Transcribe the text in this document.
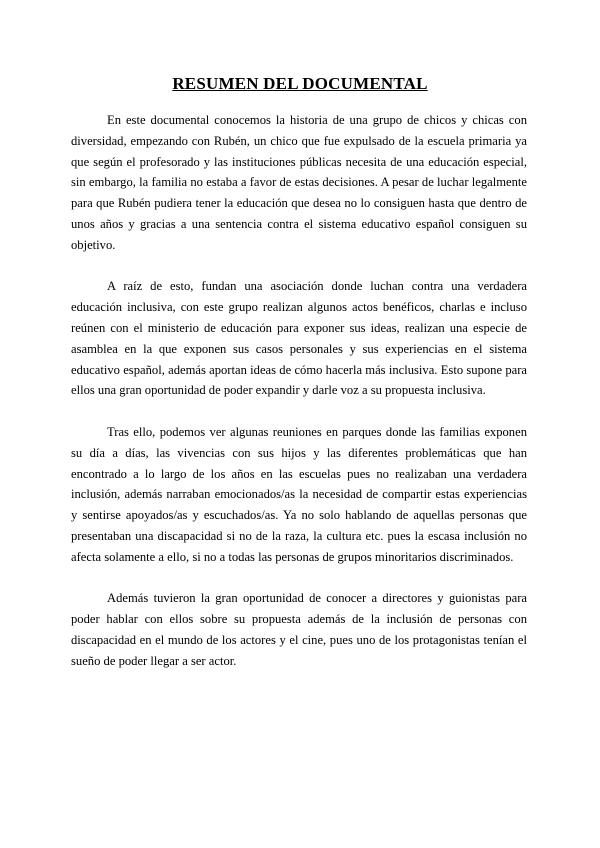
RESUMEN DEL DOCUMENTAL

En este documental conocemos la historia de una grupo de chicos y chicas con diversidad, empezando con Rubén, un chico que fue expulsado de la escuela primaria ya que según el profesorado y las instituciones públicas necesita de una educación especial, sin embargo, la familia no estaba a favor de estas decisiones. A pesar de luchar legalmente para que Rubén pudiera tener la educación que desea no lo consiguen hasta que dentro de unos años y gracias a una sentencia contra el sistema educativo español consiguen su objetivo.

A raíz de esto, fundan una asociación donde luchan contra una verdadera educación inclusiva, con este grupo realizan algunos actos benéficos, charlas e incluso reúnen con el ministerio de educación para exponer sus ideas, realizan una especie de asamblea en la que exponen sus casos personales y sus experiencias en el sistema educativo español, además aportan ideas de cómo hacerla más inclusiva. Esto supone para ellos una gran oportunidad de poder expandir y darle voz a su propuesta inclusiva.

Tras ello, podemos ver algunas reuniones en parques donde las familias exponen su día a días, las vivencias con sus hijos y las diferentes problemáticas que han encontrado a lo largo de los años en las escuelas pues no realizaban una verdadera inclusión, además narraban emocionados/as la necesidad de compartir estas experiencias y sentirse apoyados/as y escuchados/as. Ya no solo hablando de aquellas personas que presentaban una discapacidad si no de la raza, la cultura etc. pues la escasa inclusión no afecta solamente a ello, si no a todas las personas de grupos minoritarios discriminados.

Además tuvieron la gran oportunidad de conocer a directores y guionistas para poder hablar con ellos sobre su propuesta además de la inclusión de personas con discapacidad en el mundo de los actores y el cine, pues uno de los protagonistas tenían el sueño de poder llegar a ser actor.
